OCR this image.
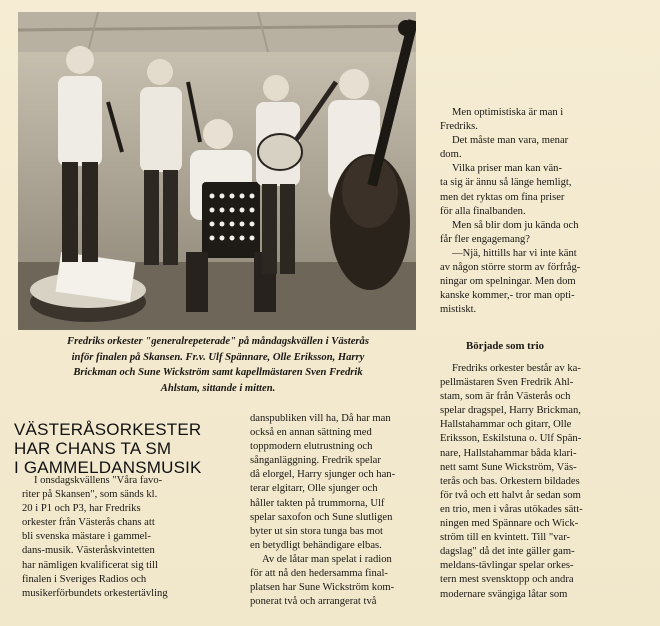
Fredriks orkester "generalrepeterade" på måndagskvällen i Västerås
inför finalen på Skansen. Fr.v. Ulf Spännare, Olle Eriksson, Harry
Brickman och Sune Wickström samt kapellmästaren Sven Fredrik
Ahlstam, sittande i mitten.
VÄSTERÅSORKESTER
HAR CHANS TA SM
I GAMMELDANSMUSIK
I onsdagskvällens "Våra favo-
riter på Skansen", som sänds kl.
20 i P1 och P3, har Fredriks
orkester från Västerås chans att
bli svenska mästare i gammel-
dans-musik. Västeråskvintetten
har nämligen kvalificerat sig till
finalen i Sveriges Radios och
musikerförbundets orkestertävling
danspubliken vill ha, Då har man
också en annan sättning med
toppmodern elutrustning och
sånganläggning. Fredrik spelar
då elorgel, Harry sjunger och han-
terar elgitarr, Olle sjunger och
håller takten på trummorna, Ulf
spelar saxofon och Sune slutligen
byter ut sin stora tunga bas mot
en betydligt behändigare elbas.
Av de låtar man spelat i radion
för att nå den hedersamma final-
platsen har Sune Wickström kom-
ponerat två och arrangerat två
Men optimistiska är man i
Fredriks.
Det måste man vara, menar
dom.
Vilka priser man kan vän-
ta sig är ännu så länge hemligt,
men det ryktas om fina priser
för alla finalbanden.
Men så blir dom ju kända och
får fler engagemang?
—Njä, hittills har vi inte känt
av någon större storm av förfråg-
ningar om spelningar. Men dom
kanske kommer,- tror man opti-
mistiskt.
Började som trio
Fredriks orkester består av ka-
pellmästaren Sven Fredrik Ahl-
stam, som är från Västerås och
spelar dragspel, Harry Brickman,
Hallstahammar och gitarr, Olle
Eriksson, Eskilstuna o. Ulf Spän-
nare, Hallstahammar båda klari-
nett samt Sune Wickström, Väs-
terås och bas. Orkestern bildades
för två och ett halvt år sedan som
en trio, men i våras utökades sätt-
ningen med Spännare och Wick-
ström till en kvintett. Till "var-
dagslag" då det inte gäller gam-
meldans-tävlingar spelar orkes-
tern mest svensktopp och andra
modernare svängiga låtar som
